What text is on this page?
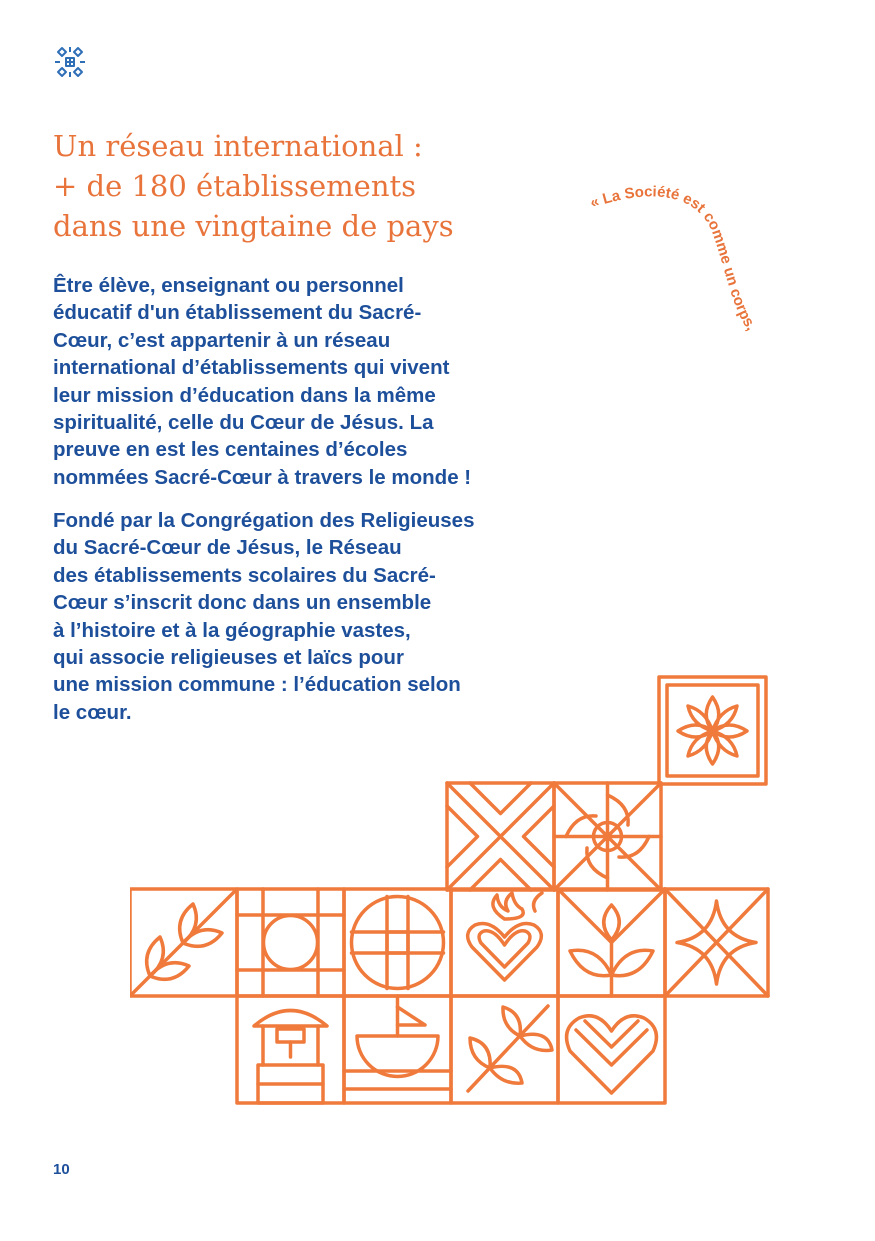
Un réseau international :
+ de 180 établissements
dans une vingtaine de pays

Être élève, enseignant ou personnel
éducatif d'un établissement du Sacré-
Cœur, c’est appartenir à un réseau
international d’établissements qui vivent
leur mission d’éducation dans la même
spiritualité, celle du Cœur de Jésus. La
preuve en est les centaines d’écoles
nommées Sacré-Cœur à travers le monde !

Fondé par la Congrégation des Religieuses
du Sacré-Cœur de Jésus, le Réseau
des établissements scolaires du Sacré-
Cœur s’inscrit donc dans un ensemble
à l’histoire et à la géographie vastes,
qui associe religieuses et laïcs pour
une mission commune : l’éducation selon
le cœur.

« La Société est comme un corps,

10
